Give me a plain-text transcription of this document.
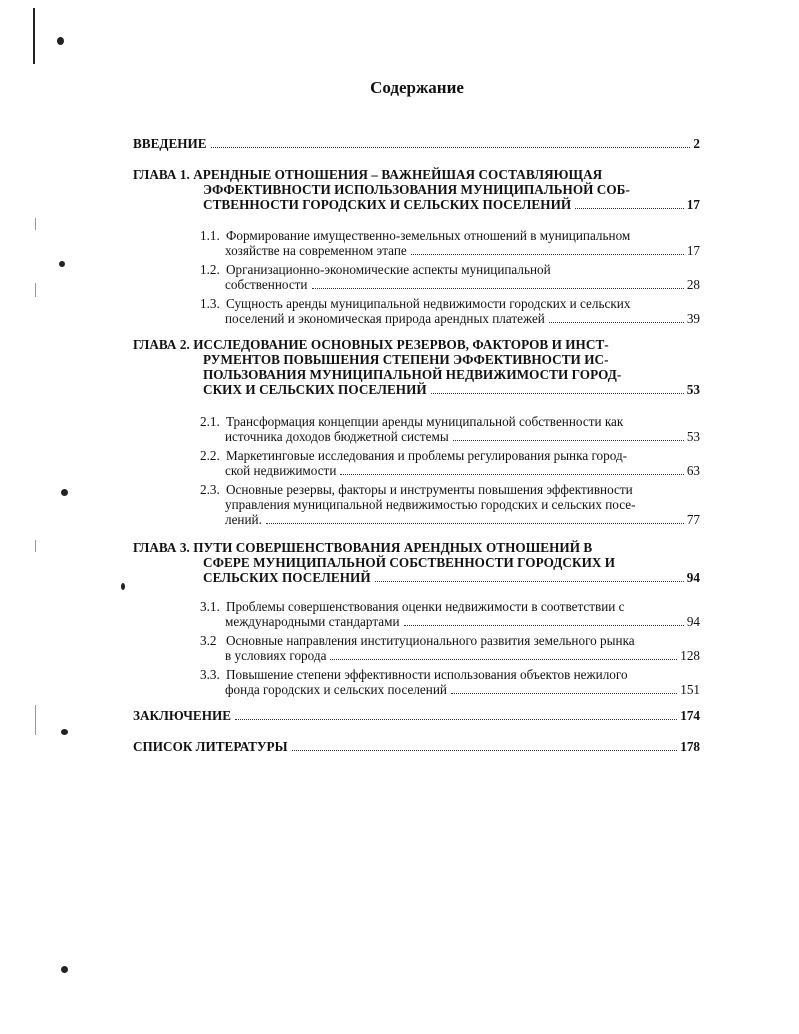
Содержание
ВВЕДЕНИЕ	2
ГЛАВА 1.
АРЕНДНЫЕ ОТНОШЕНИЯ – ВАЖНЕЙШАЯ СОСТАВЛЯЮЩАЯ
ЭФФЕКТИВНОСТИ ИСПОЛЬЗОВАНИЯ МУНИЦИПАЛЬНОЙ СОБ-
СТВЕННОСТИ ГОРОДСКИХ И СЕЛЬСКИХ ПОСЕЛЕНИЙ	17
1.1. Формирование имущественно-земельных отношений в муниципальном
хозяйстве на современном этапе	17
1.2. Организационно-экономические аспекты муниципальной
собственности	28
1.3. Сущность аренды муниципальной недвижимости городских и сельских
поселений и экономическая природа арендных платежей	39
ГЛАВА 2.
ИССЛЕДОВАНИЕ ОСНОВНЫХ РЕЗЕРВОВ, ФАКТОРОВ И ИНСТ-
РУМЕНТОВ ПОВЫШЕНИЯ СТЕПЕНИ ЭФФЕКТИВНОСТИ ИС-
ПОЛЬЗОВАНИЯ МУНИЦИПАЛЬНОЙ НЕДВИЖИМОСТИ ГОРОД-
СКИХ И СЕЛЬСКИХ ПОСЕЛЕНИЙ	53
2.1. Трансформация концепции аренды муниципальной собственности как
источника доходов бюджетной системы	53
2.2. Маркетинговые исследования и проблемы регулирования рынка город-
ской недвижимости	63
2.3. Основные резервы, факторы и инструменты повышения эффективности
управления муниципальной недвижимостью городских и сельских посе-
лений.	77
ГЛАВА 3.
ПУТИ СОВЕРШЕНСТВОВАНИЯ АРЕНДНЫХ ОТНОШЕНИЙ В
СФЕРЕ МУНИЦИПАЛЬНОЙ СОБСТВЕННОСТИ ГОРОДСКИХ И
СЕЛЬСКИХ ПОСЕЛЕНИЙ	94
3.1. Проблемы совершенствования оценки недвижимости в соответствии с
международными стандартами	94
3.2 Основные направления институционального развития земельного рынка
в условиях города	128
3.3. Повышение степени эффективности использования объектов нежилого
фонда городских и сельских поселений	151
ЗАКЛЮЧЕНИЕ	174
СПИСОК ЛИТЕРАТУРЫ	178
